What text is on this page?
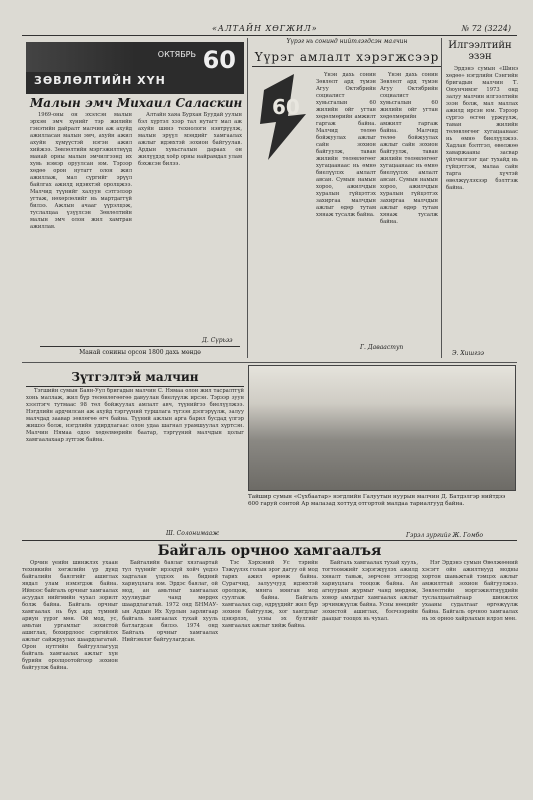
«АЛТАЙН ХӨГЖИЛ»	№ 72 (3224)
ОКТЯБРЬ 60
ЗӨВЛӨЛТИЙН ХҮН
Малын эмч Михаил Саласкин

1969-оны он эхэлсэн малын эрхэм эмч хүнийг тэр жилийн гэнэтийн дайралт малчин аж ахуйд ажилласан малын эмч, ахуйн ажил ахуйн хүмүүстэй нэгэн ажил хийжээ. Зөвлөлтийн мэргэжилтнүүд манай орны малын эмчилгээнд их хувь нэмэр оруулсан юм. Тэрээр хөдөө орон нутагт олон жил ажиллаж, мал сүргийг эрүүл байлгах ажилд идэвхтэй оролцжээ. Малчид түүнийг халуун сэтгэлээр угтаж, нөхөрлөлийг нь мартдаггүй билээ. Ажлын ачааг үүрэлцэж, туслалцаа үзүүлсэн Зөвлөлтийн малын эмч олон жил хамтран ажиллав.

Алтайн хаяа Бурхан Буудай уулын бэл хүртэл хээр тал нутагт мал аж ахуйн шинэ технологи нэвтрүүлж, малын эрүүл мэндийг хамгаалах ажлыг идэвхтэй зохион байгуулав. Ардын хувьсгалын дараах он жилүүдэд хоёр орны найрамдал улам бэхжсэн билээ.

Д. Сүрьээ
Манай сонины орсон 1800 дахь мөндө
Үүрэг нь сонинд нийтлэгдсэн малчин
Үүрэг амлалт хэрэгжсээр
60

Үнэн дахь сонин Зөвлөлт ард түмэн Агуу Октябрийн социалист хувьсгалын 60 жилийн ойг угтан хөдөлмөрийн амжилт гаргаж байна. Малчид төлөө бойжуулах ажлыг сайн зохион байгуулж, таван жилийн төлөвлөгөөг хугацаанаас нь өмнө биелүүлэх амлалт авсан. Сумын намын хороо, ажилчдын хуралын гүйцэтгэх захиргаа малчдын ажлыг өдөр тутам хянаж тусалж байна.

Үнэн дахь сонин Зөвлөлт ард түмэн Агуу Октябрийн социалист хувьсгалын 60 жилийн ойг угтан хөдөлмөрийн амжилт гаргаж байна. Малчид төлөө бойжуулах ажлыг сайн зохион байгуулж, таван жилийн төлөвлөгөөг хугацаанаас нь өмнө биелүүлэх амлалт авсан. Сумын намын хороо, ажилчдын хуралын гүйцэтгэх захиргаа малчдын ажлыг өдөр тутам хянаж тусалж байна.

Г. Давааступ
Илгээлтийн эзэн

Эрдэнэ сумын «Шинэ хөдөө» нэгдлийн Сэнгийн бригадын малчин Т. Оюунчимэг 1973 онд залуу малчин илгээлтийн эзэн болж, мал маллах ажилд ирсэн юм. Тэрээр сүргээ өсгөн үржүүлж, таван жилийн төлөвлөгөөг хугацаанаас нь өмнө биелүүлжээ. Хадлан бэлтгэл, өвөлжөө хаваржааны засвар үйлчилгээг цаг тухайд нь гүйцэтгэж, малаа сайн тарга хүчтэй өвөлжүүлэхээр бэлтгэж байна.

Э. Хишгээ
Зүтгэлтэй малчин

Тэгшийн сумын Баян-Уул бригадын малчин С. Нямаа олон жил тасралтгүй хонь маллаж, жил бүр төлөвлөгөөгөө давуулан биелүүлж ирсэн. Тэрээр зуун хээлтэгч тутмаас 98 төл бойжуулах амлалт авч, түүнийгээ биелүүлжээ. Нэгдлийн ардчилсан аж ахуйд тэргүүний туршлага түгээн дэлгэрүүлж, залуу малчдад заавар зөвлөгөө өгч байна. Түүний ажлын арга барил бусдад үлгэр жишээ болж, нэгдлийн удирдлагаас олон удаа шагнал урамшуулал хүртсэн. Малчин Нямаа одоо хөдөлмөрийн баатар, тэргүүний малчдын цолыг хамгаалахаар зүтгэж байна.

Ш. Солонимааж
Тайшир сумын «Сүхбаатар» нэгдлийн Галуутын нуурын малчин Д. Батдэлгэр нийтдээ 600 гаруй сонтой Ар малазад хоттуд отгортой малдаа тариалгууд байна.
Гэрэл зургийг Ж. Гомбо
Байгаль орчноо хамгаалъя

Орчин үеийн шинжлэх ухаан техникийн хөгжлийн үр дүнд байгалийн баялгийг ашиглах явдал улам нэмэгдэж байна. Иймээс байгаль орчныг хамгаалах асуудал нийгмийн чухал зорилт болж байна. Байгаль орчныг хамгаалах нь бүх ард түмний ариун үүрэг мөн. Ой мод, ус, амьтан ургамлыг зохистой ашиглах, бохирдлоос сэргийлэх ажлыг сайжруулах шаардлагатай. Орон нутгийн байгууллагууд байгаль хамгаалах ажлыг хүн бүрийн оролцоотойгоор зохион байгуулж байна.

Байгалийн баялаг хязгаартай тул түүнийг ирээдүй хойч үедээ хадгалан үлдээх нь бидний хариуцлага юм. Эрдэс баялаг, ой мод, ан амьтныг хамгаалах хуулиудыг чанд мөрдөх шаардлагатай. 1972 онд БНМАУ-ын Ардын Их Хурлын зарлигаар байгаль хамгаалах тухай хууль батлагдсан билээ. 1974 онд Байгаль орчныг хамгаалах Нийгэмлэг байгуулагдсан.

Тэс Хэрхэний Ус тэрийн Тэжүүлэх голын эрэг дагуу ой мод тарих ажил өрнөж байна. Сурагчид, залуучууд идэвхтэй оролцож, мянга мянган мод суулгаж байна. Байгаль хамгаалах сар, өдрүүдийг жил бүр зохион байгуулж, хог хаягдлыг цэвэрлэх, усны эх булгийг хамгаалах ажлыг хийж байна.

Байгаль хамгаалах тухай хууль, тогтоомжийг хэрэгжүүлэх ажилд хяналт тавьж, зөрчсөн этгээдэд хариуцлага тооцож байна. Ан агнуурын журмыг чанд мөрдөж, ховор амьтдыг хамгаалах ажлыг эрчимжүүлж байна. Усны нөөцийг зохистой ашиглах, бэлчээрийн даацыг тооцох нь чухал.

Нэг Эрдэнэ сумын Өвөлжөөний хэсэгт ойн ажилтнууд модны хортон шавьжтай тэмцэх ажлыг амжилттай зохион байгуулжээ. Зөвлөлтийн мэргэжилтнүүдийн туслалцаатайгаар шинжлэх ухааны судалгааг өргөжүүлж байна. Байгаль орчноо хамгаалах нь эх орноо хайрлахын илрэл мөн.
